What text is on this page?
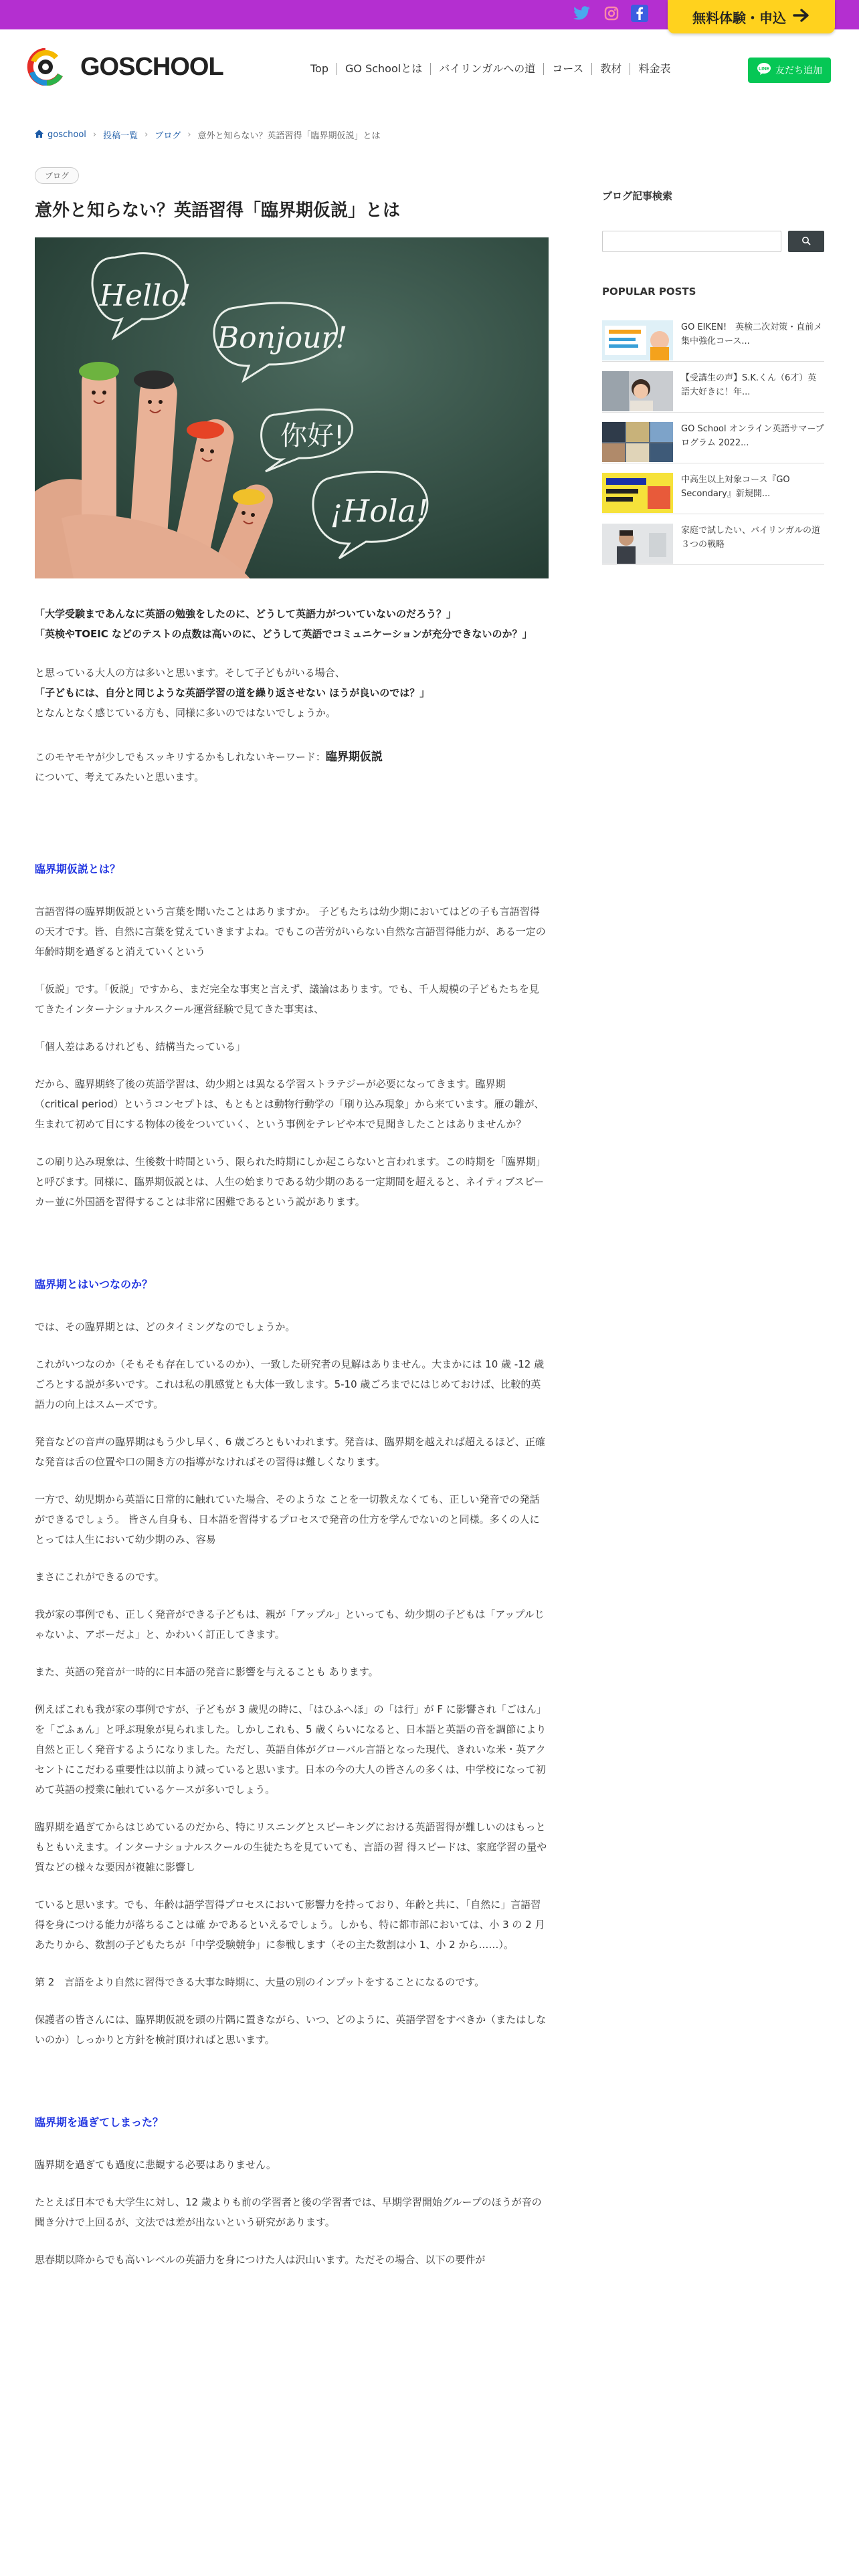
無料体験・申込
GOSCHOOL	Top	GO Schoolとは	バイリンガルへの道	コース	教材	料金表	LINE 友だち追加
goschool › 投稿一覧 › ブログ › 意外と知らない？英語習得「臨界期仮説」とは
ブログ
意外と知らない？英語習得「臨界期仮説」とは
Hello!
Bonjour!
你好!
¡Hola!
「大学受験まであんなに英語の勉強をしたのに、どうして英語力がついていないのだろう？」
「英検やTOEIC などのテストの点数は高いのに、どうして英語でコミュニケーションが充分できないのか？」
と思っている大人の方は多いと思います。そして子どもがいる場合、
「子どもには、自分と同じような英語学習の道を繰り返させない ほうが良いのでは？」
となんとなく感じている方も、同様に多いのではないでしょうか。
このモヤモヤが少しでもスッキリするかもしれないキーワード：臨界期仮説
について、考えてみたいと思います。
臨界期仮説とは？
言語習得の臨界期仮説という言葉を聞いたことはありますか。 子どもたちは幼少期においてはどの子も言語習得の天才です。皆、自然に言葉を覚えていきますよね。でもこの苦労がいらない自然な言語習得能力が、ある一定の年齢時期を過ぎると消えていくという
「仮説」です。「仮説」ですから、まだ完全な事実と言えず、議論はあります。でも、千人規模の子どもたちを見てきたインターナショナルスクール運営経験で見てきた事実は、
「個人差はあるけれども、結構当たっている」
だから、臨界期終了後の英語学習は、幼少期とは異なる学習ストラテジーが必要になってきます。臨界期（critical period）というコンセプトは、もともとは動物行動学の「刷り込み現象」から来ています。雁の雛が、生まれて初めて目にする物体の後をついていく、という事例をテレビや本で見聞きしたことはありませんか？
この刷り込み現象は、生後数十時間という、限られた時期にしか起こらないと言われます。この時期を「臨界期」と呼びます。同様に、臨界期仮説とは、人生の始まりである幼少期のある一定期間を超えると、ネイティブスピーカー並に外国語を習得することは非常に困難であるという説があります。
臨界期とはいつなのか？
では、その臨界期とは、どのタイミングなのでしょうか。
これがいつなのか（そもそも存在しているのか）、一致した研究者の見解はありません。大まかには 10 歳 -12 歳ごろとする説が多いです。これは私の肌感覚とも大体一致します。5-10 歳ごろまでにはじめておけば、比較的英語力の向上はスムーズです。
発音などの音声の臨界期はもう少し早く、6 歳ごろともいわれます。発音は、臨界期を越えれば超えるほど、正確な発音は舌の位置や口の開き方の指導がなければその習得は難しくなります。
一方で、幼児期から英語に日常的に触れていた場合、そのような ことを一切教えなくても、正しい発音での発話ができるでしょう。 皆さん自身も、日本語を習得するプロセスで発音の仕方を学んでないのと同様。多くの人にとっては人生において幼少期のみ、容易
まさにこれができるのです。
我が家の事例でも、正しく発音ができる子どもは、親が「アップル」といっても、幼少期の子どもは「アップルじゃないよ、アポーだよ」と、かわいく訂正してきます。
また、英語の発音が一時的に日本語の発音に影響を与えることも あります。
例えばこれも我が家の事例ですが、子どもが 3 歳児の時に、「はひふへほ」の「は行」が F に影響され「ごはん」を「ごふぁん」と呼ぶ現象が見られました。しかしこれも、5 歳くらいになると、日本語と英語の音を調節により自然と正しく発音するようになりました。ただし、英語自体がグローバル言語となった現代、きれいな米・英アクセントにこだわる重要性は以前より減っていると思います。日本の今の大人の皆さんの多くは、中学校になって初めて英語の授業に触れているケースが多いでしょう。
臨界期を過ぎてからはじめているのだから、特にリスニングとスピーキングにおける英語習得が難しいのはもっともともいえます。インターナショナルスクールの生徒たちを見ていても、言語の習 得スピードは、家庭学習の量や質などの様々な要因が複雑に影響し
ていると思います。でも、年齢は語学習得プロセスにおいて影響力を持っており、年齢と共に、「自然に」言語習得を身につける能力が落ちることは確 かであるといえるでしょう。しかも、特に都市部においては、小 3 の 2 月あたりから、数割の子どもたちが「中学受験競争」に参戦します（その主た数割は小 1、小 2 から……）。
第 2　言語をより自然に習得できる大事な時期に、大量の別のインプットをすることになるのです。
保護者の皆さんには、臨界期仮説を頭の片隅に置きながら、いつ、どのように、英語学習をすべきか（またはしないのか）しっかりと方針を検討頂ければと思います。
臨界期を過ぎてしまった？
臨界期を過ぎても過度に悲観する必要はありません。
たとえば日本でも大学生に対し、12 歳よりも前の学習者と後の学習者では、早期学習開始グループのほうが音の聞き分けで上回るが、文法では差が出ないという研究があります。
思春期以降からでも高いレベルの英語力を身につけた人は沢山います。ただその場合、以下の要件が
ブログ記事検索
POPULAR POSTS
GO EIKEN!　英検二次対策・直前メ集中強化コース...
【受講生の声】S.K.くん（6才）英語大好きに！年...
GO School オンライン英語サマープログラム 2022...
中高生以上対象コース『GO Secondary』新規開...
家庭で試したい、バイリンガルの道３つの戦略
